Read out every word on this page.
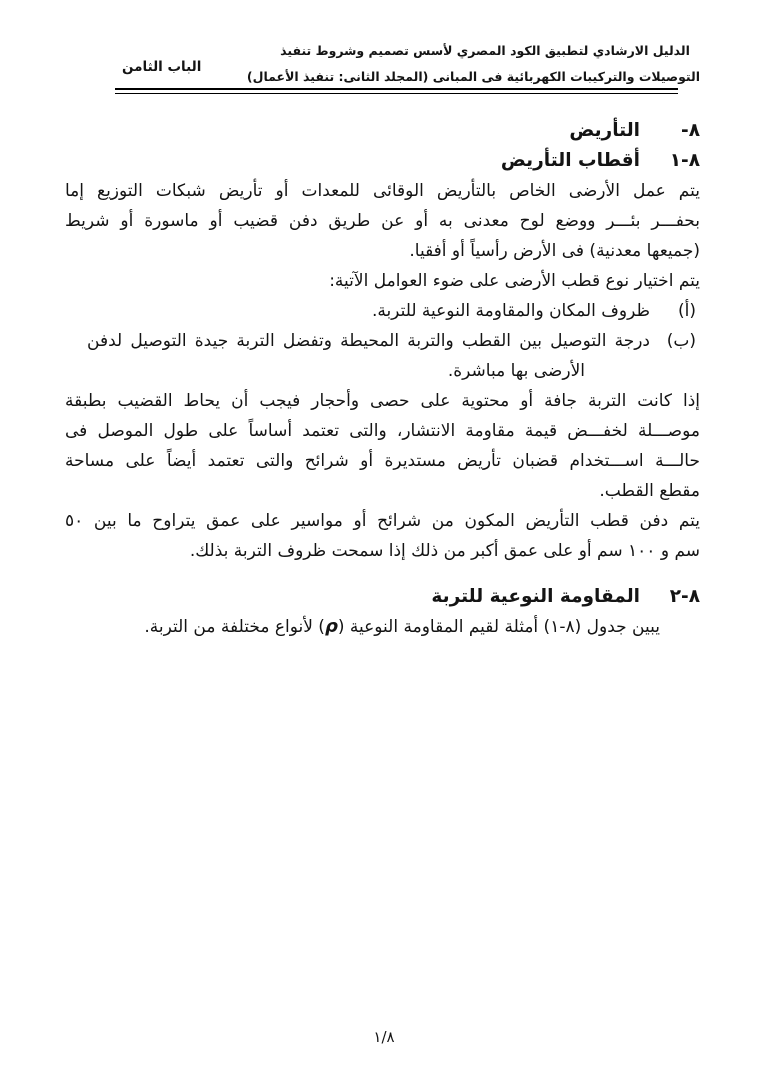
الدليل الارشادي لتطبيق الكود المصري لأسس تصميم وشروط تنفيذ
التوصيلات والتركيبات الكهربائية فى المبانى (المجلد الثانى: تنفيذ الأعمال)
الباب الثامن
٨-التأريض
٨-١أقطاب التأريض
يتم عمل الأرضى الخاص بالتأريض الوقائى للمعدات أو تأريض شبكات التوزيع إما
بحفـــر بئـــر ووضع لوح معدنى به أو عن طريق دفن قضيب أو ماسورة أو شريط
(جميعها معدنية) فى الأرض رأسياً أو أفقيا.
يتم اختيار نوع قطب الأرضى على ضوء العوامل الآتية:
(أ)
ظروف المكان والمقاومة النوعية للتربة.
(ب)
درجة التوصيل بين القطب والتربة المحيطة وتفضل التربة جيدة التوصيل لدفن
الأرضى بها مباشرة.
إذا كانت التربة جافة أو محتوية على حصى وأحجار فيجب أن يحاط القضيب بطبقة
موصـــلة لخفـــض قيمة مقاومة الانتشار، والتى تعتمد أساساً على طول الموصل فى
حالـــة اســـتخدام قضبان تأريض مستديرة أو شرائح والتى تعتمد أيضاً على مساحة
مقطع القطب.
يتم دفن قطب التأريض المكون من شرائح أو مواسير على عمق يتراوح ما بين ٥٠
سم و ١٠٠ سم أو على عمق أكبر من ذلك إذا سمحت ظروف التربة بذلك.
٨-٢المقاومة النوعية للتربة
يبين جدول (٨-١) أمثلة لقيم المقاومة النوعية (ρ) لأنواع مختلفة من التربة.
١/٨
